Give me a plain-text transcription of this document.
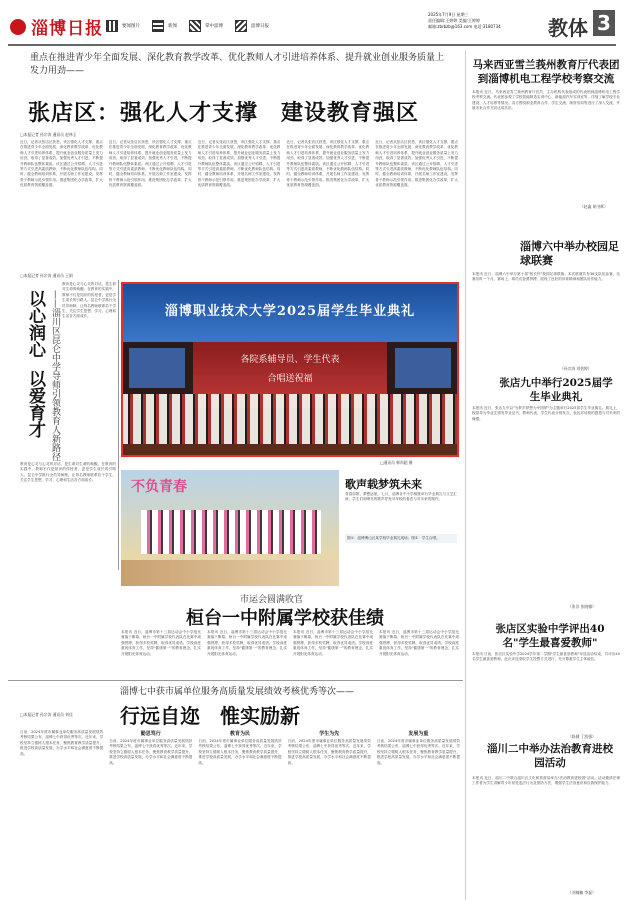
淄博日报	要闻图片	新闻	掌中淄博	淄博日报
2025年7月9日 星期三
责任编辑:王婷婷 美编:王婷婷
邮箱:zbrbzb@163.com 电话:3180734	教体 3
重点在推进青少年全面发展、深化教育教学改革、优化教师人才引进培养体系、提升就业创业服务质量上发力用劲——
张店区：强化人才支撑　建设教育强区
□本报记者 孙宗涛 通讯员 赵林玉
近日，记者从张店区获悉，该区强化人才支撑，重点在推进青少年全面发展、深化教育教学改革、优化教师人才引进培养体系、提升就业创业服务质量上发力用劲，取得了显著成效。加强优秀人才引进，不断提升教师队伍整体素质。该区通过公开招聘、人才引进等方式引进高素质教师，不断优化教师队伍结构。同时，健全教师培训体系，开展名师工作室建设，发挥骨干教师示范引领作用。推进集团化办学改革，扩大优质教育资源覆盖面。
近日，记者从张店区获悉，该区强化人才支撑，重点在推进青少年全面发展、深化教育教学改革、优化教师人才引进培养体系、提升就业创业服务质量上发力用劲，取得了显著成效。加强优秀人才引进，不断提升教师队伍整体素质。该区通过公开招聘、人才引进等方式引进高素质教师，不断优化教师队伍结构。同时，健全教师培训体系，开展名师工作室建设，发挥骨干教师示范引领作用。推进集团化办学改革，扩大优质教育资源覆盖面。
近日，记者从张店区获悉，该区强化人才支撑，重点在推进青少年全面发展、深化教育教学改革、优化教师人才引进培养体系、提升就业创业服务质量上发力用劲，取得了显著成效。加强优秀人才引进，不断提升教师队伍整体素质。该区通过公开招聘、人才引进等方式引进高素质教师，不断优化教师队伍结构。同时，健全教师培训体系，开展名师工作室建设，发挥骨干教师示范引领作用。推进集团化办学改革，扩大优质教育资源覆盖面。
近日，记者从张店区获悉，该区强化人才支撑，重点在推进青少年全面发展、深化教育教学改革、优化教师人才引进培养体系、提升就业创业服务质量上发力用劲，取得了显著成效。加强优秀人才引进，不断提升教师队伍整体素质。该区通过公开招聘、人才引进等方式引进高素质教师，不断优化教师队伍结构。同时，健全教师培训体系，开展名师工作室建设，发挥骨干教师示范引领作用。推进集团化办学改革，扩大优质教育资源覆盖面。
近日，记者从张店区获悉，该区强化人才支撑，重点在推进青少年全面发展、深化教育教学改革、优化教师人才引进培养体系、提升就业创业服务质量上发力用劲，取得了显著成效。加强优秀人才引进，不断提升教师队伍整体素质。该区通过公开招聘、人才引进等方式引进高素质教师，不断优化教师队伍结构。同时，健全教师培训体系，开展名师工作室建设，发挥骨干教师示范引领作用。推进集团化办学改革，扩大优质教育资源覆盖面。
□本报记者 孙宗涛 通讯员 王娟
以心润心
以爱育才 ——淄川区昆仑中学导师引领教育人新路径
教育是心灵与心灵的对话，是生命对生命的唤醒。在教育的实践中，教师不仅是知识的传授者，更是学生成长的引路人。昆仑中学推行全员导师制，让每名教师联系若干学生，关注学生思想、学习、心理和生活各方面成长。
教育是心灵与心灵的对话，是生命对生命的唤醒。在教育的实践中，教师不仅是知识的传授者，更是学生成长的引路人。昆仑中学推行全员导师制，让每名教师联系若干学生，关注学生思想、学习、心理和生活各方面成长。
淄博职业技术大学2025届学生毕业典礼
各院系辅导员、学生代表
合唱送祝福
□通讯员 韩尚超 摄
不负青春	歌声载梦筑未来
青春如歌，梦想远航。七月，淄博各中小学相继举行毕业典礼与文艺汇演，学生们用嘹亮的歌声抒发对母校的眷恋与对未来的期许。
图①：淄博博山区某学校毕业典礼现场；图②：学生合唱。
市运会圆满收官
桓台一中附属学校获佳绩
本报讯 近日，淄博市第十三届运动会中小学组比赛落下帷幕，桓台一中附属学校代表队在比赛中顽强拼搏，获得多枚奖牌，取得优异成绩。学校高度重视体育工作，坚持"健康第一"的教育理念，扎实开展阳光体育运动。
本报讯 近日，淄博市第十三届运动会中小学组比赛落下帷幕，桓台一中附属学校代表队在比赛中顽强拼搏，获得多枚奖牌，取得优异成绩。学校高度重视体育工作，坚持"健康第一"的教育理念，扎实开展阳光体育运动。
本报讯 近日，淄博市第十三届运动会中小学组比赛落下帷幕，桓台一中附属学校代表队在比赛中顽强拼搏，获得多枚奖牌，取得优异成绩。学校高度重视体育工作，坚持"健康第一"的教育理念，扎实开展阳光体育运动。
本报讯 近日，淄博市第十三届运动会中小学组比赛落下帷幕，桓台一中附属学校代表队在比赛中顽强拼搏，获得多枚奖牌，取得优异成绩。学校高度重视体育工作，坚持"健康第一"的教育理念，扎实开展阳光体育运动。
淄博七中获市属单位服务高质量发展绩效考核优秀等次——
行远自迩　惟实励新
□本报记者 孙宗涛 通讯员 刘佳
日前，2024年度市属事业单位服务高质量发展绩效考核结果公布，淄博七中获得优秀等次。近年来，学校坚持立德树人根本任务，聚焦教育教学质量提升，推进学校高质量发展，办学水平和社会满意度不断提高。
勤思笃行
日前，2024年度市属事业单位服务高质量发展绩效考核结果公布，淄博七中获得优秀等次。近年来，学校坚持立德树人根本任务，聚焦教育教学质量提升，推进学校高质量发展，办学水平和社会满意度不断提高。
教育为民
日前，2024年度市属事业单位服务高质量发展绩效考核结果公布，淄博七中获得优秀等次。近年来，学校坚持立德树人根本任务，聚焦教育教学质量提升，推进学校高质量发展，办学水平和社会满意度不断提高。
学生为先
日前，2024年度市属事业单位服务高质量发展绩效考核结果公布，淄博七中获得优秀等次。近年来，学校坚持立德树人根本任务，聚焦教育教学质量提升，推进学校高质量发展，办学水平和社会满意度不断提高。
发展为重
日前，2024年度市属事业单位服务高质量发展绩效考核结果公布，淄博七中获得优秀等次。近年来，学校坚持立德树人根本任务，聚焦教育教学质量提升，推进学校高质量发展，办学水平和社会满意度不断提高。
马来西亚雪兰莪州教育厅代表团到淄博机电工程学校考察交流
本报讯 近日，马来西亚雪兰莪州教育厅官员、主办机构代表组成的代表团到淄博机电工程学校考察交流。代表团参观了学校智能制造实训中心、新能源汽车实训室等，详细了解学校专业建设、人才培养等情况。双方围绕职业教育合作、学生交流、师资培训等进行了深入交流，并就未来合作方向达成共识。
（赵鑫 胡书辉）
淄博六中举办校园足球联赛
本报讯 近日，淄博六中举办第十届"校长杯"校园足球联赛。本次联赛共有36支队伍参赛，比赛历时一个月。赛场上，球员们奋勇拼搏，展现了良好的体育精神和团队协作能力。
（孙宗涛 刘怡婷）
张店九中举行2025届学生毕业典礼
本报讯 近日，张店九中以"为梦乡梦想为中国梦"为主题举行2025届学生毕业典礼。典礼上，校领导为毕业生颁发毕业证书，教师代表、学生代表分别发言，表达对母校的感恩与对未来的憧憬。
（张洋 张晓娜）
张店区实验中学评出40名"学生最喜爱教师"
本报讯 日前，张店区实验中学2024学年第二学期"学生最喜爱教师"评选活动结束，共评出40名学生最喜爱教师。此次评选采取学生投票方式进行，充分尊重学生主体地位。
（陈健 丁凯强）
淄川二中举办法治教育进校园活动
本报讯 近日，淄川二中联合淄川区文化和旅游局举办"法治教育进校园"活动。活动邀请法律工作者为学生讲解青少年常见违法行为及预防方法，增强学生法治意识和自我保护能力。
（刘楠楠 李磊）
